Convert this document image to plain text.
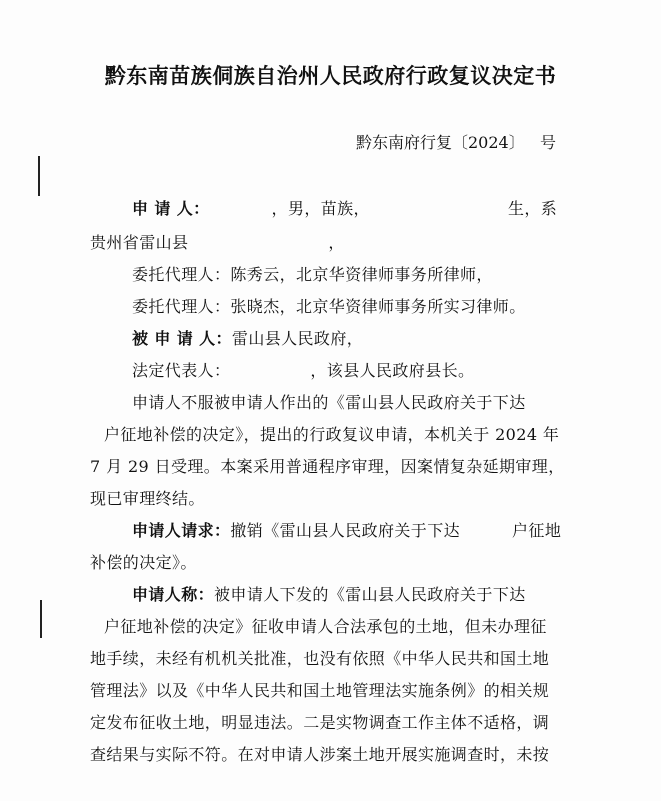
黔东南苗族侗族自治州人民政府行政复议决定书
黔东南府行复〔2024〕   号
申 请 人：	，男，苗族，	生，系
贵州省雷山县	，
委托代理人：陈秀云，北京华资律师事务所律师，
委托代理人：张晓杰，北京华资律师事务所实习律师。
被 申 请 人：雷山县人民政府，
法定代表人：	，该县人民政府县长。
申请人不服被申请人作出的《雷山县人民政府关于下达
户征地补偿的决定》，提出的行政复议申请，本机关于 2024 年
7 月 29 日受理。本案采用普通程序审理，因案情复杂延期审理，
现已审理终结。
申请人请求：撤销《雷山县人民政府关于下达	户征地
补偿的决定》。
申请人称：被申请人下发的《雷山县人民政府关于下达
户征地补偿的决定》征收申请人合法承包的土地，但未办理征
地手续，未经有机机关批准，也没有依照《中华人民共和国土地
管理法》以及《中华人民共和国土地管理法实施条例》的相关规
定发布征收土地，明显违法。二是实物调查工作主体不适格，调
查结果与实际不符。在对申请人涉案土地开展实施调查时，未按
